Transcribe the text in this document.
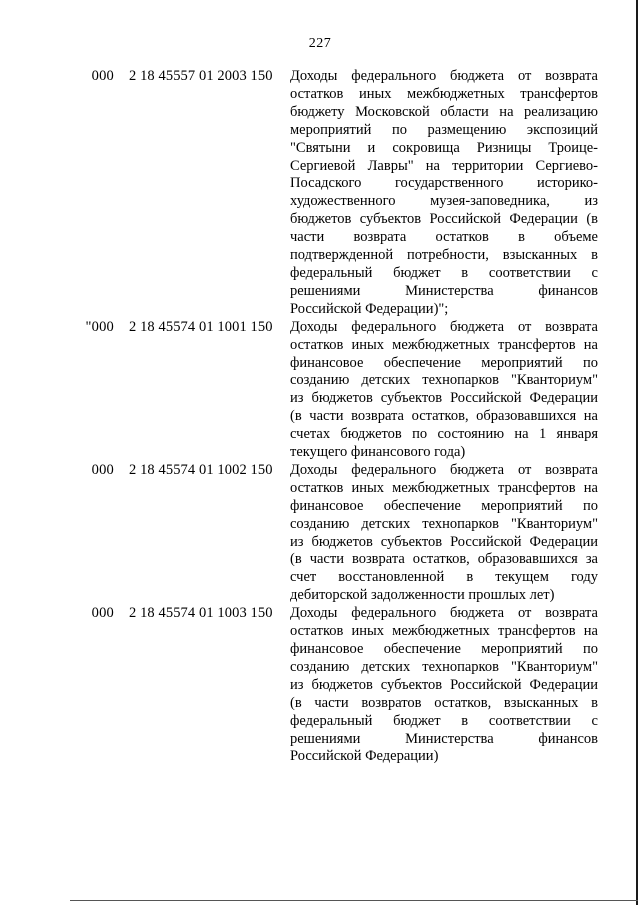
227
000 2 18 45557 01 2003 150	Доходы федерального бюджета от возврата
остатков иных межбюджетных трансфертов
бюджету Московской области на реализацию
мероприятий по размещению экспозиций
"Святыни и сокровища Ризницы Троице-
Сергиевой Лавры" на территории Сергиево-
Посадского государственного историко-
художественного музея-заповедника, из
бюджетов субъектов Российской Федерации (в
части возврата остатков в объеме
подтвержденной потребности, взысканных в
федеральный бюджет в соответствии с
решениями Министерства финансов
Российской Федерации)";
"000 2 18 45574 01 1001 150	Доходы федерального бюджета от возврата
остатков иных межбюджетных трансфертов на
финансовое обеспечение мероприятий по
созданию детских технопарков "Кванториум"
из бюджетов субъектов Российской Федерации
(в части возврата остатков, образовавшихся на
счетах бюджетов по состоянию на 1 января
текущего финансового года)
000 2 18 45574 01 1002 150	Доходы федерального бюджета от возврата
остатков иных межбюджетных трансфертов на
финансовое обеспечение мероприятий по
созданию детских технопарков "Кванториум"
из бюджетов субъектов Российской Федерации
(в части возврата остатков, образовавшихся за
счет восстановленной в текущем году
дебиторской задолженности прошлых лет)
000 2 18 45574 01 1003 150	Доходы федерального бюджета от возврата
остатков иных межбюджетных трансфертов на
финансовое обеспечение мероприятий по
созданию детских технопарков "Кванториум"
из бюджетов субъектов Российской Федерации
(в части возвратов остатков, взысканных в
федеральный бюджет в соответствии с
решениями Министерства финансов
Российской Федерации)
